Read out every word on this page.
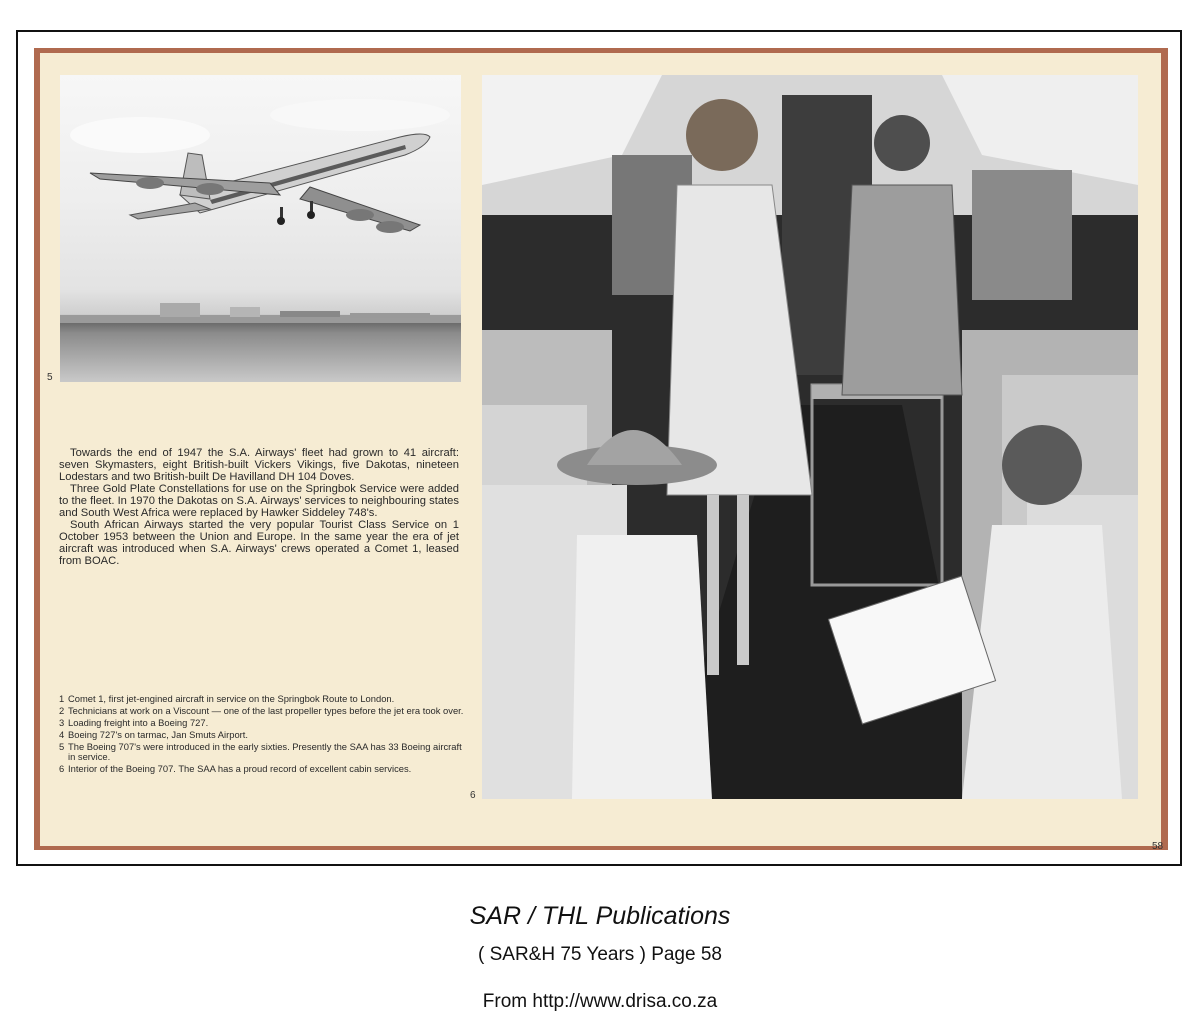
5
6

Towards the end of 1947 the S.A. Airways' fleet had grown to 41 aircraft: seven Skymasters, eight British-built Vickers Vikings, five Dakotas, nineteen Lodestars and two British-built De Havilland DH 104 Doves.

Three Gold Plate Constellations for use on the Springbok Service were added to the fleet. In 1970 the Dakotas on S.A. Airways' services to neighbouring states and South West Africa were replaced by Hawker Siddeley 748's.

South African Airways started the very popular Tourist Class Service on 1 October 1953 between the Union and Europe. In the same year the era of jet aircraft was introduced when S.A. Airways' crews operated a Comet 1, leased from BOAC.

1 Comet 1, first jet-engined aircraft in service on the Springbok Route to London.
2 Technicians at work on a Viscount — one of the last propeller types before the jet era took over.
3 Loading freight into a Boeing 727.
4 Boeing 727's on tarmac, Jan Smuts Airport.
5 The Boeing 707's were introduced in the early sixties. Presently the SAA has 33 Boeing aircraft in service.
6 Interior of the Boeing 707. The SAA has a proud record of excellent cabin services.
58
SAR / THL Publications
( SAR&H 75 Years ) Page 58
From http://www.drisa.co.za
